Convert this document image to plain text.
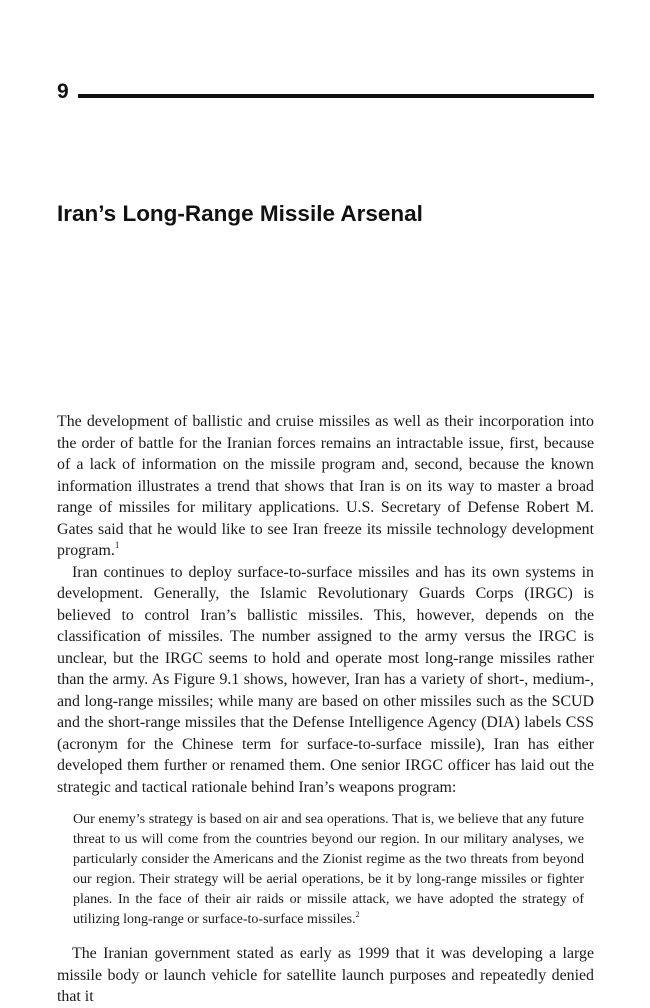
9
Iran’s Long-Range Missile Arsenal

The development of ballistic and cruise missiles as well as their incorporation into the order of battle for the Iranian forces remains an intractable issue, first, because of a lack of information on the missile program and, second, because the known information illustrates a trend that shows that Iran is on its way to master a broad range of missiles for military applications. U.S. Secretary of Defense Robert M. Gates said that he would like to see Iran freeze its missile technology development program.$^1$

Iran continues to deploy surface-to-surface missiles and has its own systems in development. Generally, the Islamic Revolutionary Guards Corps (IRGC) is believed to control Iran’s ballistic missiles. This, however, depends on the classification of missiles. The number assigned to the army versus the IRGC is unclear, but the IRGC seems to hold and operate most long-range missiles rather than the army. As Figure 9.1 shows, however, Iran has a variety of short-, medium-, and long-range missiles; while many are based on other missiles such as the SCUD and the short-range missiles that the Defense Intelligence Agency (DIA) labels CSS (acronym for the Chinese term for surface-to-surface missile), Iran has either developed them further or renamed them. One senior IRGC officer has laid out the strategic and tactical rationale behind Iran’s weapons program:

Our enemy’s strategy is based on air and sea operations. That is, we believe that any future threat to us will come from the countries beyond our region. In our military analyses, we particularly consider the Americans and the Zionist regime as the two threats from beyond our region. Their strategy will be aerial operations, be it by long-range missiles or fighter planes. In the face of their air raids or missile attack, we have adopted the strategy of utilizing long-range or surface-to-surface missiles.$^2$

The Iranian government stated as early as 1999 that it was developing a large missile body or launch vehicle for satellite launch purposes and repeatedly denied that it
